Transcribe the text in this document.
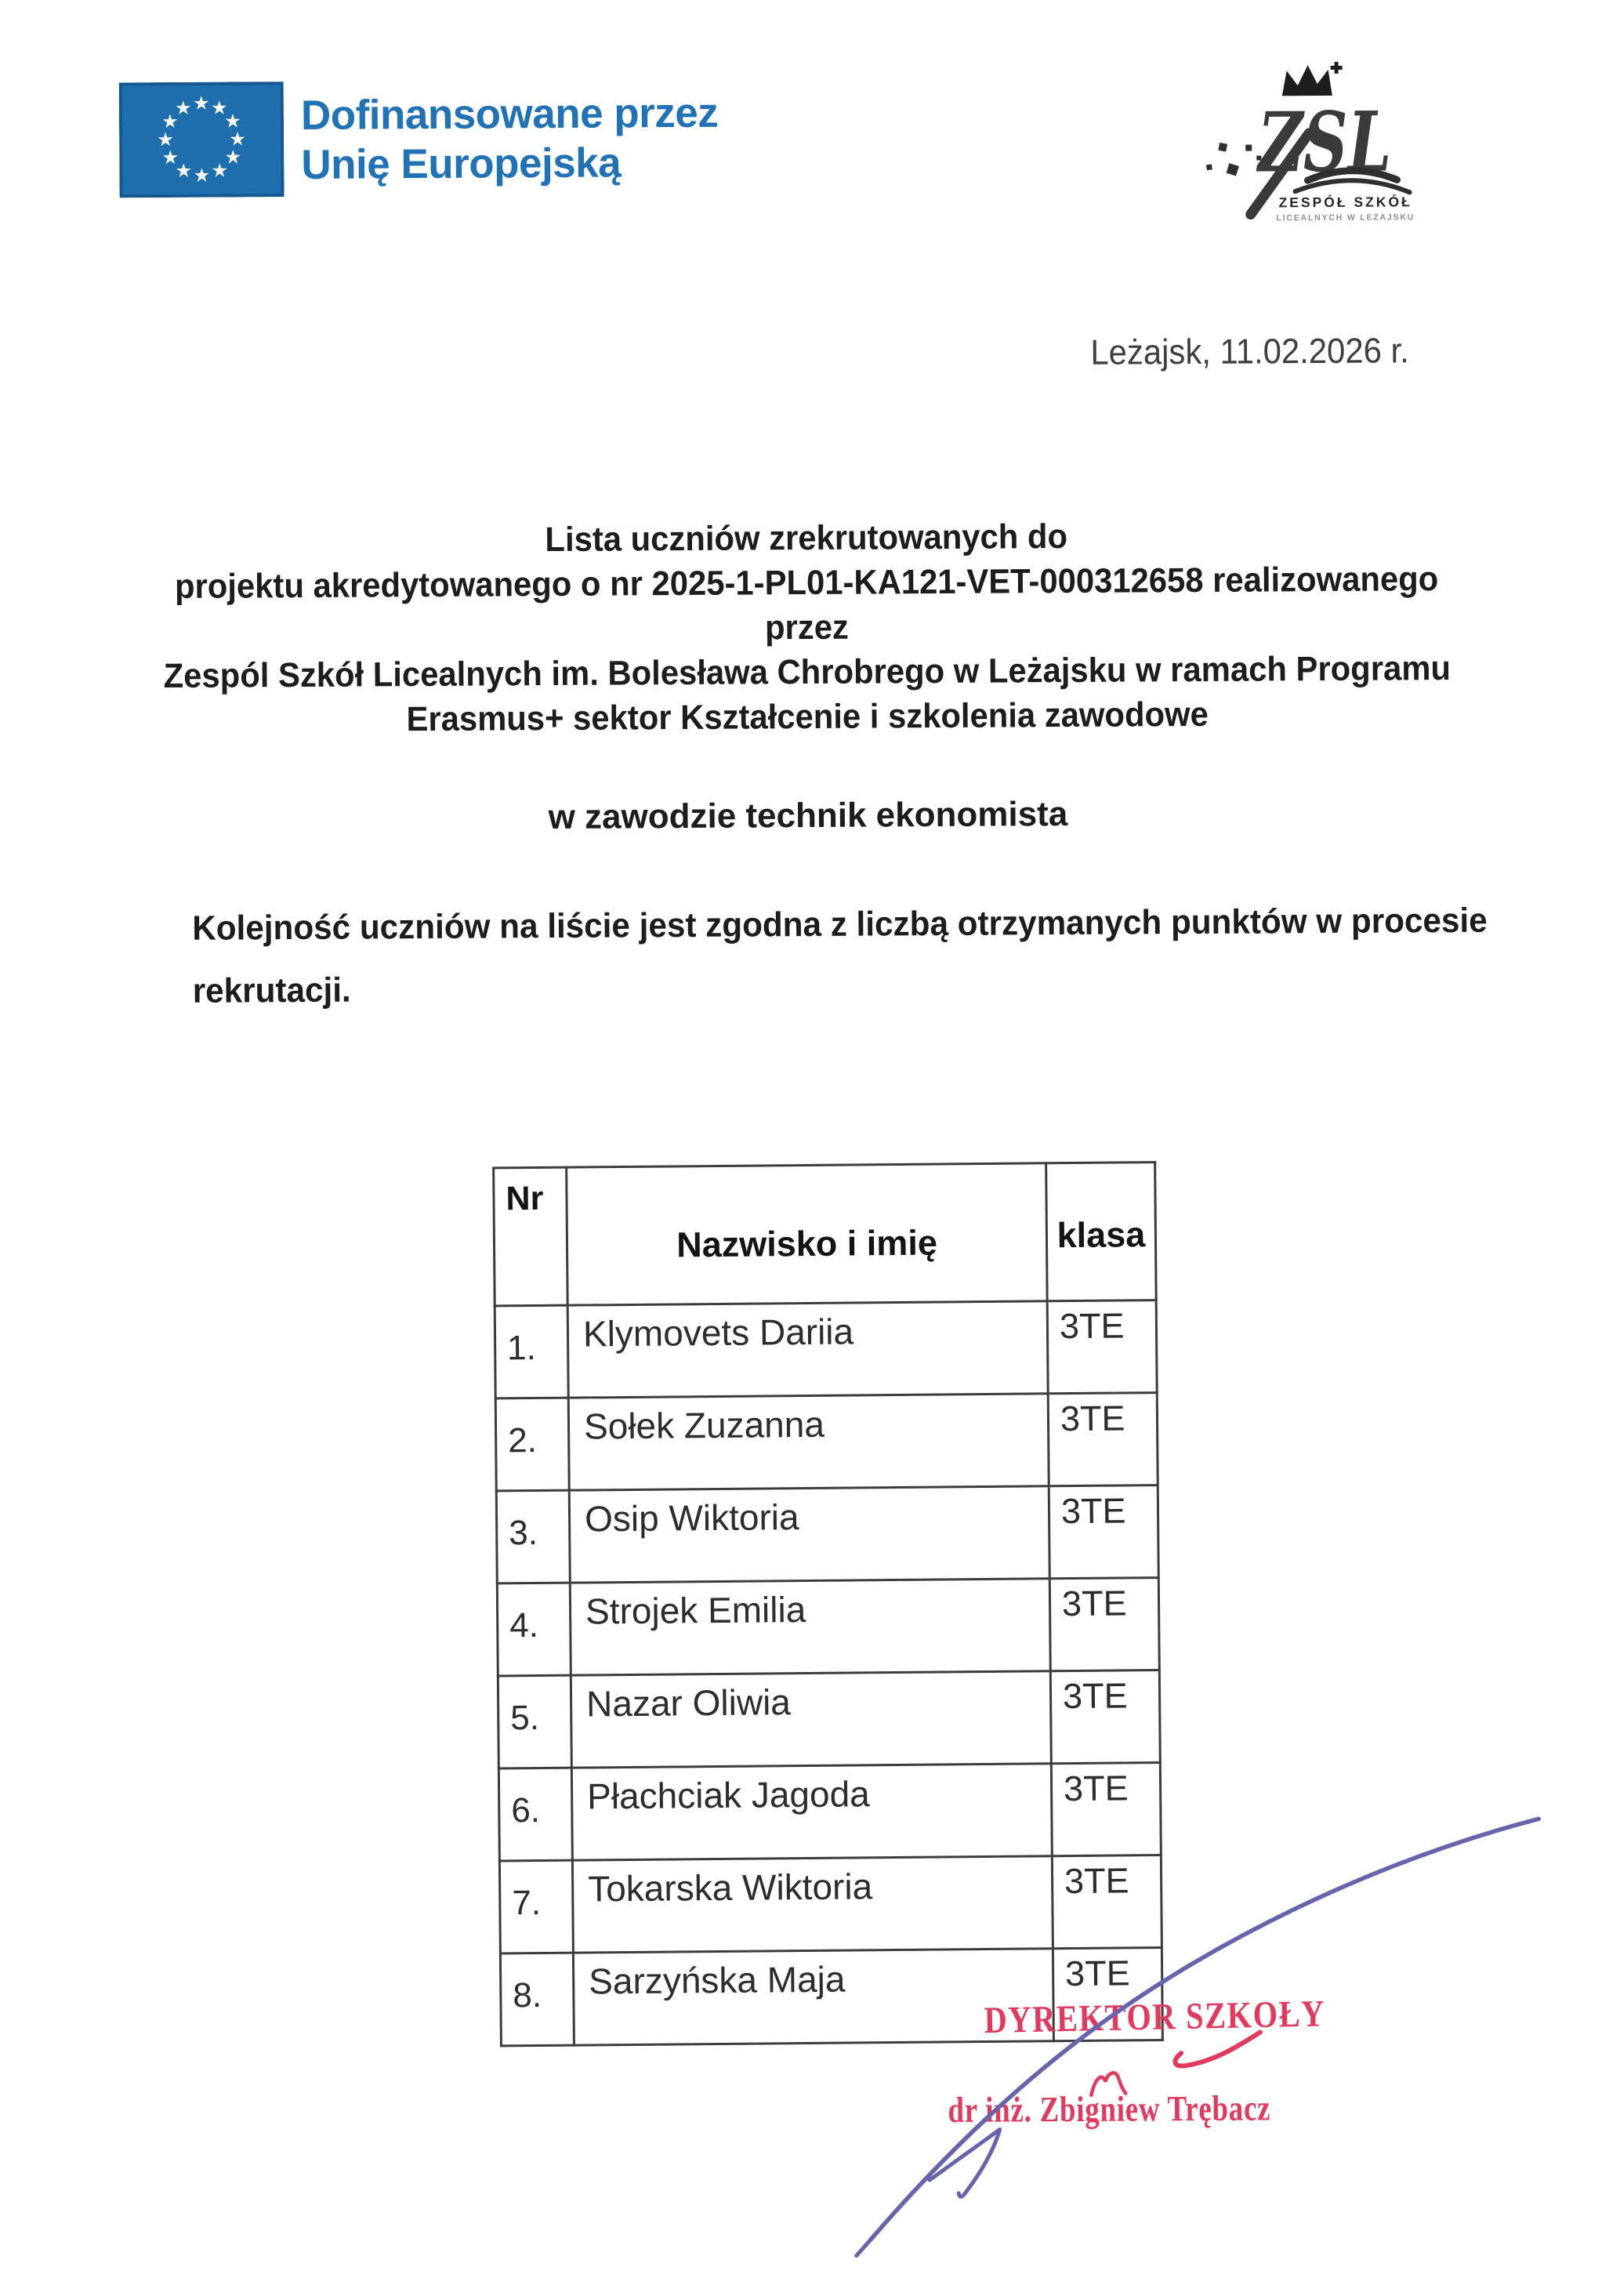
★ ★
★
★
★
★
★
★
★
★
★
★	Dofinansowane przez
Unię Europejską	ZSL
ZESPÓŁ SZKÓŁ
LICEALNYCH W LEŻAJSKU
Leżajsk, 11.02.2026 r.
Lista uczniów zrekrutowanych do
projektu akredytowanego o nr 2025-1-PL01-KA121-VET-000312658 realizowanego
przez
Zespól Szkół Licealnych im. Bolesława Chrobrego w Leżajsku w ramach Programu
Erasmus+ sektor Kształcenie i szkolenia zawodowe
w zawodzie technik ekonomista
Kolejność uczniów na liście jest zgodna z liczbą otrzymanych punktów w procesie
rekrutacji.
Nr	Nazwisko i imię	klasa
1.	Klymovets Dariia	3TE
2.	Sołek Zuzanna	3TE
3.	Osip Wiktoria	3TE
4.	Strojek Emilia	3TE
5.	Nazar Oliwia	3TE
6.	Płachciak Jagoda	3TE
7.	Tokarska Wiktoria	3TE
8.	Sarzyńska Maja	3TE
DYREKTOR SZKOŁY
dr inż. Zbigniew Trębacz
